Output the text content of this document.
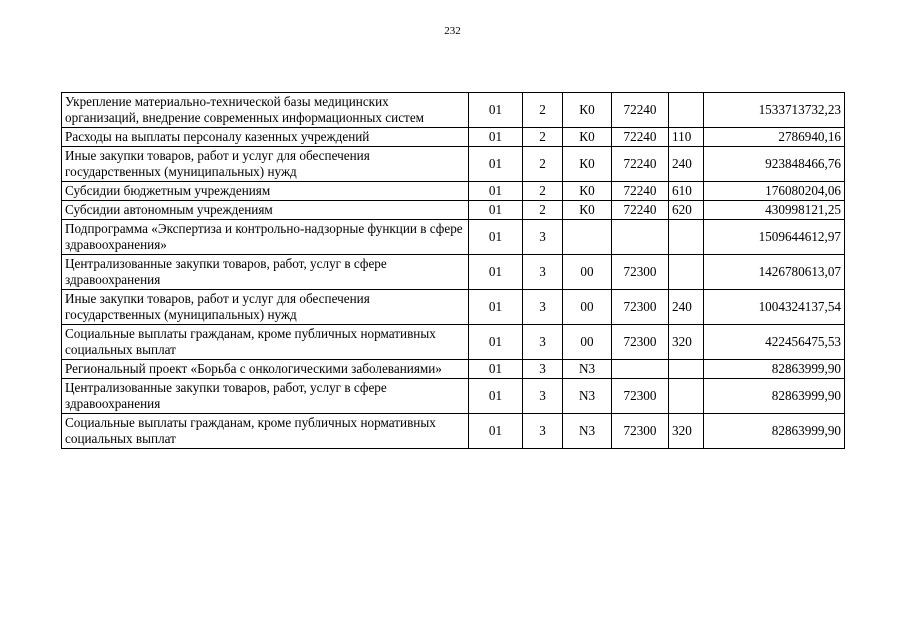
232
Укрепление материально-технической базы медицинских организаций, внедрение современных информационных систем	01	2	К0	72240		1533713732,23
Расходы на выплаты персоналу казенных учреждений	01	2	К0	72240	110	2786940,16
Иные закупки товаров, работ и услуг для обеспечения государственных (муниципальных) нужд	01	2	К0	72240	240	923848466,76
Субсидии бюджетным учреждениям	01	2	К0	72240	610	176080204,06
Субсидии автономным учреждениям	01	2	К0	72240	620	430998121,25
Подпрограмма «Экспертиза и контрольно-надзорные функции в сфере здравоохранения»	01	3				1509644612,97
Централизованные закупки товаров, работ, услуг в сфере здравоохранения	01	3	00	72300		1426780613,07
Иные закупки товаров, работ и услуг для обеспечения государственных (муниципальных) нужд	01	3	00	72300	240	1004324137,54
Социальные выплаты гражданам, кроме публичных нормативных социальных выплат	01	3	00	72300	320	422456475,53
Региональный проект «Борьба с онкологическими заболеваниями»	01	3	N3			82863999,90
Централизованные закупки товаров, работ, услуг в сфере здравоохранения	01	3	N3	72300		82863999,90
Социальные выплаты гражданам, кроме публичных нормативных социальных выплат	01	3	N3	72300	320	82863999,90
